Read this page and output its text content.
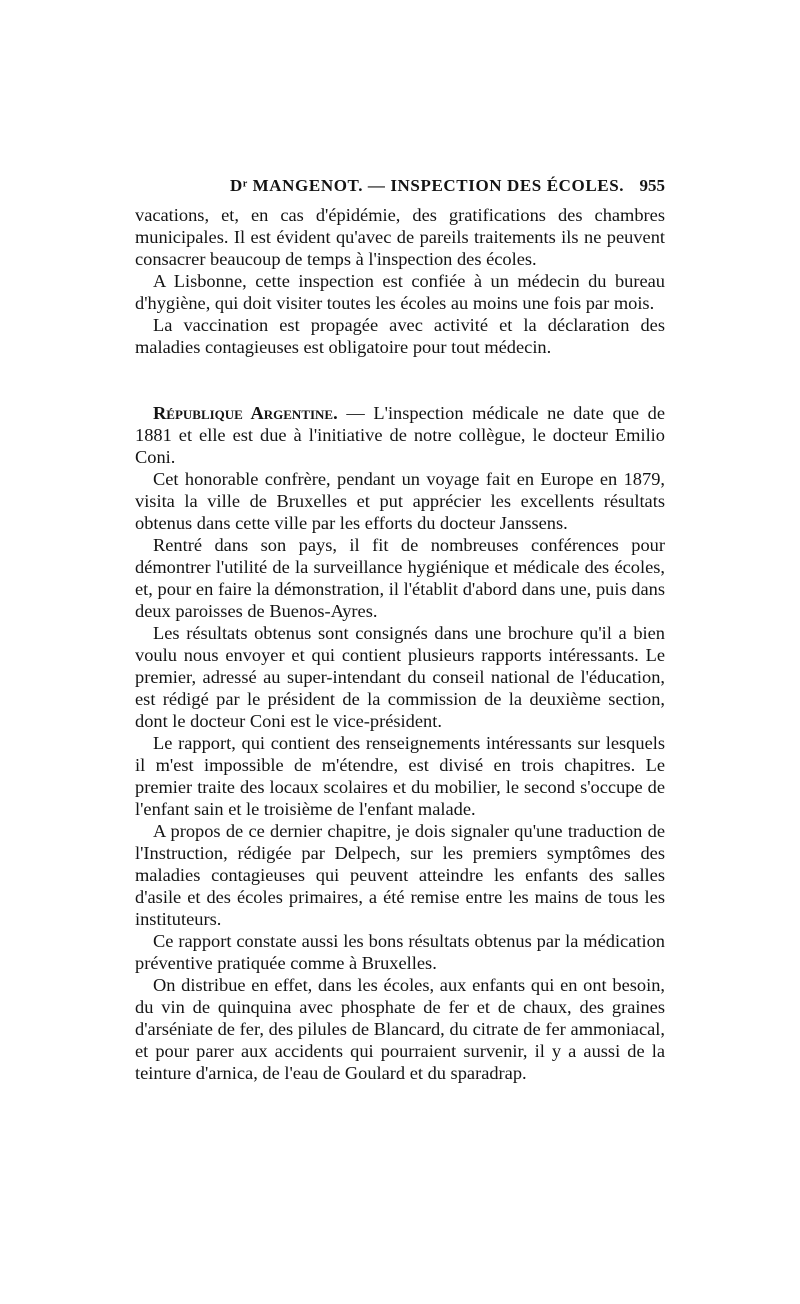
Dʳ MANGENOT. — INSPECTION DES ÉCOLES. 955

vacations, et, en cas d'épidémie, des gratifications des chambres municipales. Il est évident qu'avec de pareils traitements ils ne peuvent consacrer beaucoup de temps à l'inspection des écoles.

A Lisbonne, cette inspection est confiée à un médecin du bureau d'hygiène, qui doit visiter toutes les écoles au moins une fois par mois.

La vaccination est propagée avec activité et la déclaration des maladies contagieuses est obligatoire pour tout médecin.

République Argentine. — L'inspection médicale ne date que de 1881 et elle est due à l'initiative de notre collègue, le docteur Emilio Coni.

Cet honorable confrère, pendant un voyage fait en Europe en 1879, visita la ville de Bruxelles et put apprécier les excellents résultats obtenus dans cette ville par les efforts du docteur Janssens.

Rentré dans son pays, il fit de nombreuses conférences pour démontrer l'utilité de la surveillance hygiénique et médicale des écoles, et, pour en faire la démonstration, il l'établit d'abord dans une, puis dans deux paroisses de Buenos-Ayres.

Les résultats obtenus sont consignés dans une brochure qu'il a bien voulu nous envoyer et qui contient plusieurs rapports intéressants. Le premier, adressé au super-intendant du conseil national de l'éducation, est rédigé par le président de la commission de la deuxième section, dont le docteur Coni est le vice-président.

Le rapport, qui contient des renseignements intéressants sur lesquels il m'est impossible de m'étendre, est divisé en trois chapitres. Le premier traite des locaux scolaires et du mobilier, le second s'occupe de l'enfant sain et le troisième de l'enfant malade.

A propos de ce dernier chapitre, je dois signaler qu'une traduction de l'Instruction, rédigée par Delpech, sur les premiers symptômes des maladies contagieuses qui peuvent atteindre les enfants des salles d'asile et des écoles primaires, a été remise entre les mains de tous les instituteurs.

Ce rapport constate aussi les bons résultats obtenus par la médication préventive pratiquée comme à Bruxelles.

On distribue en effet, dans les écoles, aux enfants qui en ont besoin, du vin de quinquina avec phosphate de fer et de chaux, des graines d'arséniate de fer, des pilules de Blancard, du citrate de fer ammoniacal, et pour parer aux accidents qui pourraient survenir, il y a aussi de la teinture d'arnica, de l'eau de Goulard et du sparadrap.
